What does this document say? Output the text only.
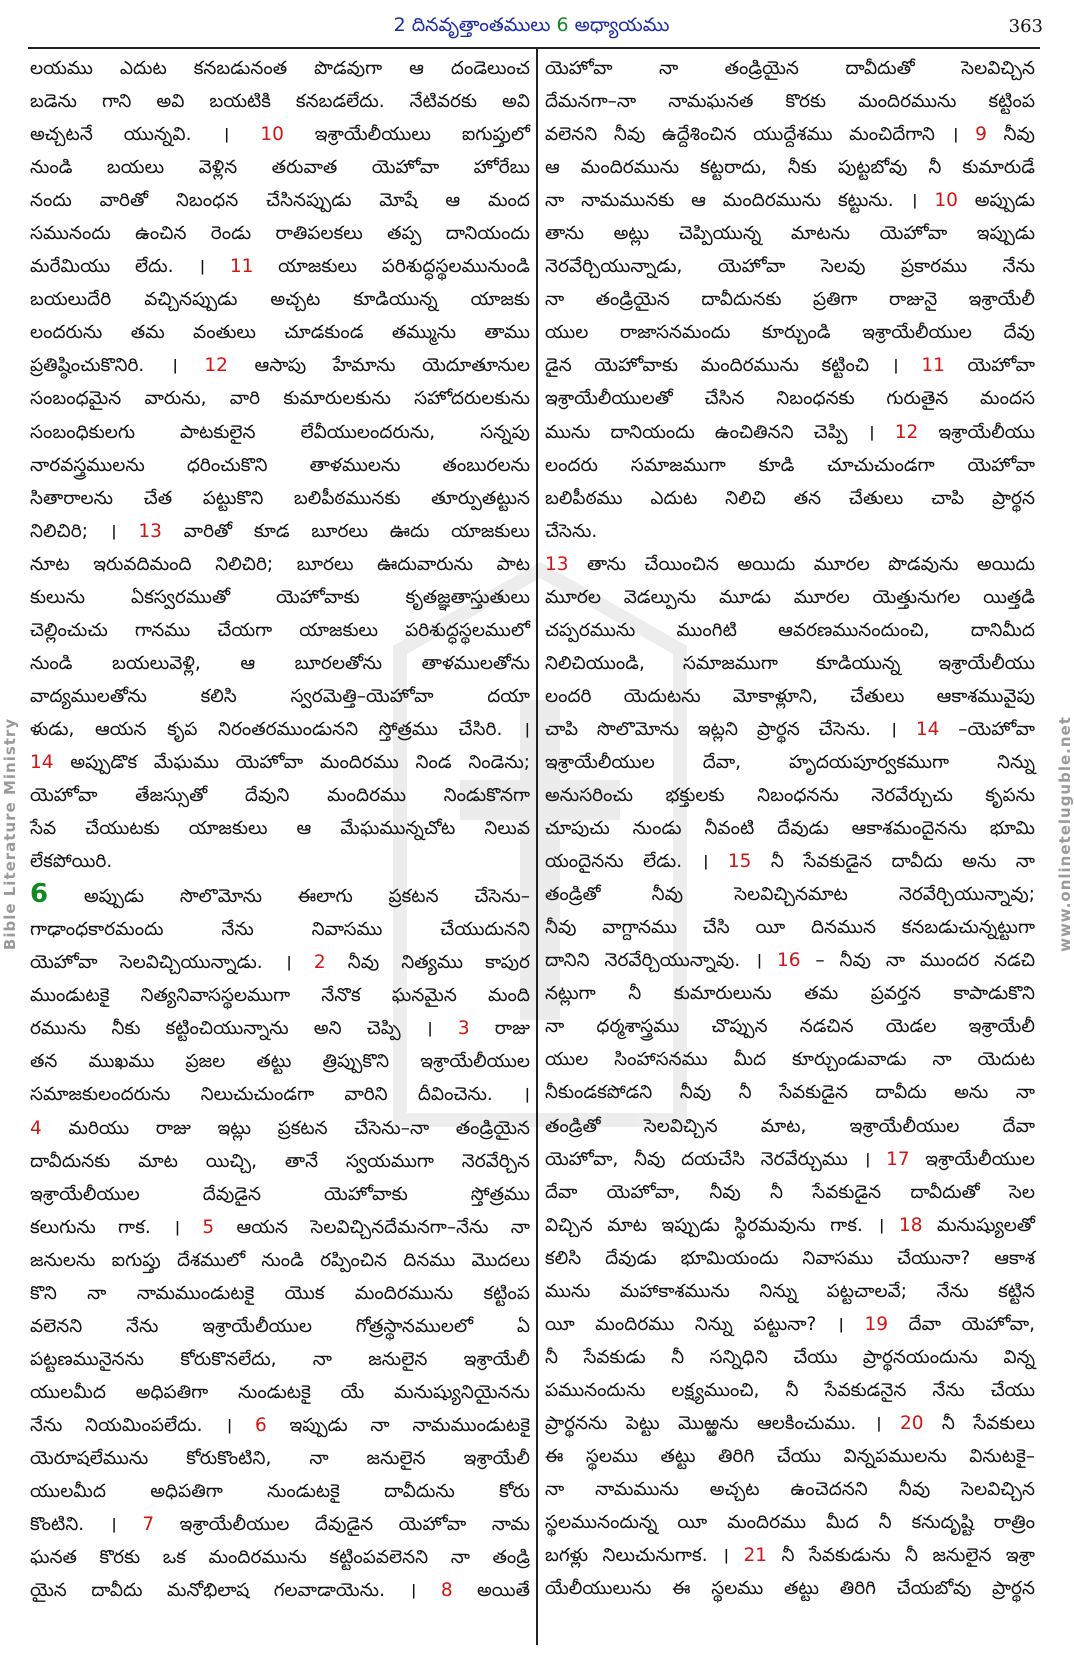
2 దినవృత్తాంతములు 6 అధ్యాయము	363
Bible Literature Ministry	www.onlineteluguble.net
లయము ఎదుట కనబడునంత పొడవుగా ఆ దండెలుంచ
బడెను గాని అవి బయటికి కనబడలేదు. నేటివరకు అవి
అచ్చటనే యున్నవి. । 10 ఇశ్రాయేలీయులు ఐగుప్తులో
నుండి బయలు వెళ్లిన తరువాత యెహోవా హోరేబు
నందు వారితో నిబంధన చేసినప్పుడు మోషే ఆ మంద
సమునందు ఉంచిన రెండు రాతిపలకలు తప్ప దానియందు
మరేమియు లేదు. । 11 యాజకులు పరిశుద్ధస్థలమునుండి
బయలుదేరి వచ్చినప్పుడు అచ్చట కూడియున్న యాజకు
లందరును తమ వంతులు చూడకుండ తమ్మును తాము
ప్రతిష్ఠించుకొనిరి. । 12 ఆసాపు హేమాను యెదూతూనుల
సంబంధమైన వారును, వారి కుమారులకును సహోదరులకును
సంబంధికులగు పాటకులైన లేవీయులందరును, సన్నపు
నారవస్త్రములను ధరించుకొని తాళములను తంబురలను
సితారాలను చేత పట్టుకొని బలిపీఠమునకు తూర్పుతట్టున
నిలిచిరి; । 13 వారితో కూడ బూరలు ఊదు యాజకులు
నూట ఇరువదిమంది నిలిచిరి; బూరలు ఊదువారును పాట
కులును ఏకస్వరముతో యెహోవాకు కృతజ్ఞతాస్తుతులు
చెల్లించుచు గానము చేయగా యాజకులు పరిశుద్ధస్థలములో
నుండి బయలువెళ్లి, ఆ బూరలతోను తాళములతోను
వాద్యములతోను కలిసి స్వరమెత్తి–యెహోవా దయా
ళుడు, ఆయన కృప నిరంతరముండునని స్తోత్రము చేసిరి. ।
14 అప్పుడొక మేఘము యెహోవా మందిరము నిండ నిండెను;
యెహోవా తేజస్సుతో దేవుని మందిరము నిండుకొనగా
సేవ చేయుటకు యాజకులు ఆ మేఘమున్నచోట నిలువ
లేకపోయిరి.
6 అప్పుడు సొలొమోను ఈలాగు ప్రకటన చేసెను–
గాఢాంధకారమందు నేను నివాసము చేయుదునని
యెహోవా సెలవిచ్చియున్నాడు. । 2 నీవు నిత్యము కాపుర
ముండుటకై నిత్యనివాసస్థలముగా నేనొక ఘనమైన మంది
రమును నీకు కట్టించియున్నాను అని చెప్పి । 3 రాజు
తన ముఖము ప్రజల తట్టు త్రిప్పుకొని ఇశ్రాయేలీయుల
సమాజకులందరును నిలుచుచుండగా వారిని దీవించెను. ।
4 మరియు రాజు ఇట్లు ప్రకటన చేసెను–నా తండ్రియైన
దావీదునకు మాట యిచ్చి, తానే స్వయముగా నెరవేర్చిన
ఇశ్రాయేలీయుల దేవుడైన యెహోవాకు స్తోత్రము
కలుగును గాక. । 5 ఆయన సెలవిచ్చినదేమనగా–నేను నా
జనులను ఐగుప్తు దేశములో నుండి రప్పించిన దినము మొదలు
కొని నా నామముండుటకై యొక మందిరమును కట్టింప
వలెనని నేను ఇశ్రాయేలీయుల గోత్రస్థానములలో ఏ
పట్టణమునైనను కోరుకొనలేదు, నా జనులైన ఇశ్రాయేలీ
యులమీద అధిపతిగా నుండుటకై యే మనుష్యునియైనను
నేను నియమింపలేదు. । 6 ఇప్పుడు నా నామముండుటకై
యెరూషలేమును కోరుకొంటిని, నా జనులైన ఇశ్రాయేలీ
యులమీద అధిపతిగా నుండుటకై దావీదును కోరు
కొంటిని. । 7 ఇశ్రాయేలీయుల దేవుడైన యెహోవా నామ
ఘనత కొరకు ఒక మందిరమును కట్టింపవలెనని నా తండ్రి
యైన దావీదు మనోభిలాష గలవాడాయెను. । 8 అయితే
యెహోవా నా తండ్రియైన దావీదుతో సెలవిచ్చిన
దేమనగా–నా నామఘనత కొరకు మందిరమును కట్టింప
వలెనని నీవు ఉద్దేశించిన యుద్దేశము మంచిదేగాని । 9 నీవు
ఆ మందిరమును కట్టరాదు, నీకు పుట్టబోవు నీ కుమారుడే
నా నామమునకు ఆ మందిరమును కట్టును. । 10 అప్పుడు
తాను అట్లు చెప్పియున్న మాటను యెహోవా ఇప్పుడు
నెరవేర్చియున్నాడు, యెహోవా సెలవు ప్రకారము నేను
నా తండ్రియైన దావీదునకు ప్రతిగా రాజునై ఇశ్రాయేలీ
యుల రాజాసనమందు కూర్చుండి ఇశ్రాయేలీయుల దేవు
డైన యెహోవాకు మందిరమును కట్టించి । 11 యెహోవా
ఇశ్రాయేలీయులతో చేసిన నిబంధనకు గురుతైన మందస
మును దానియందు ఉంచితినని చెప్పి । 12 ఇశ్రాయేలీయు
లందరు సమాజముగా కూడి చూచుచుండగా యెహోవా
బలిపీఠము ఎదుట నిలిచి తన చేతులు చాపి ప్రార్థన
చేసెను.
13 తాను చేయించిన అయిదు మూరల పొడవును అయిదు
మూరల వెడల్పును మూడు మూరల యెత్తునుగల యిత్తడి
చప్పరమును ముంగిటి ఆవరణమునందుంచి, దానిమీద
నిలిచియుండి, సమాజముగా కూడియున్న ఇశ్రాయేలీయు
లందరి యెదుటను మోకాళ్లూని, చేతులు ఆకాశమువైపు
చాపి సొలొమోను ఇట్లని ప్రార్థన చేసెను. । 14 –యెహోవా
ఇశ్రాయేలీయుల దేవా, హృదయపూర్వకముగా నిన్ను
అనుసరించు భక్తులకు నిబంధనను నెరవేర్చుచు కృపను
చూపుచు నుండు నీవంటి దేవుడు ఆకాశమందైనను భూమి
యందైనను లేడు. । 15 నీ సేవకుడైన దావీదు అను నా
తండ్రితో నీవు సెలవిచ్చినమాట నెరవేర్చియున్నావు;
నీవు వాగ్దానము చేసి యీ దినమున కనబడుచున్నట్టుగా
దానిని నెరవేర్చియున్నావు. । 16 – నీవు నా ముందర నడచి
నట్లుగా నీ కుమారులును తమ ప్రవర్తన కాపాడుకొని
నా ధర్మశాస్త్రము చొప్పున నడచిన యెడల ఇశ్రాయేలీ
యుల సింహాసనము మీద కూర్చుండువాడు నా యెదుట
నీకుండకపోడని నీవు నీ సేవకుడైన దావీదు అను నా
తండ్రితో సెలవిచ్చిన మాట, ఇశ్రాయేలీయుల దేవా
యెహోవా, నీవు దయచేసి నెరవేర్చుము । 17 ఇశ్రాయేలీయుల
దేవా యెహోవా, నీవు నీ సేవకుడైన దావీదుతో సెల
విచ్చిన మాట ఇప్పుడు స్థిరమవును గాక. । 18 మనుష్యులతో
కలిసి దేవుడు భూమియందు నివాసము చేయునా? ఆకాశ
మును మహాకాశమును నిన్ను పట్టచాలవే; నేను కట్టిన
యీ మందిరము నిన్ను పట్టునా? । 19 దేవా యెహోవా,
నీ సేవకుడు నీ సన్నిధిని చేయు ప్రార్థనయందును విన్న
పమునందును లక్ష్యముంచి, నీ సేవకుడనైన నేను చేయు
ప్రార్థనను పెట్టు మొఱ్ఱను ఆలకించుము. । 20 నీ సేవకులు
ఈ స్థలము తట్టు తిరిగి చేయు విన్నపములను వినుటకై–
నా నామమును అచ్చట ఉంచెదనని నీవు సెలవిచ్చిన
స్థలమునందున్న యీ మందిరము మీద నీ కనుదృష్టి రాత్రిం
బగళ్లు నిలుచునుగాక. । 21 నీ సేవకుడును నీ జనులైన ఇశ్రా
యేలీయులును ఈ స్థలము తట్టు తిరిగి చేయబోవు ప్రార్థన
